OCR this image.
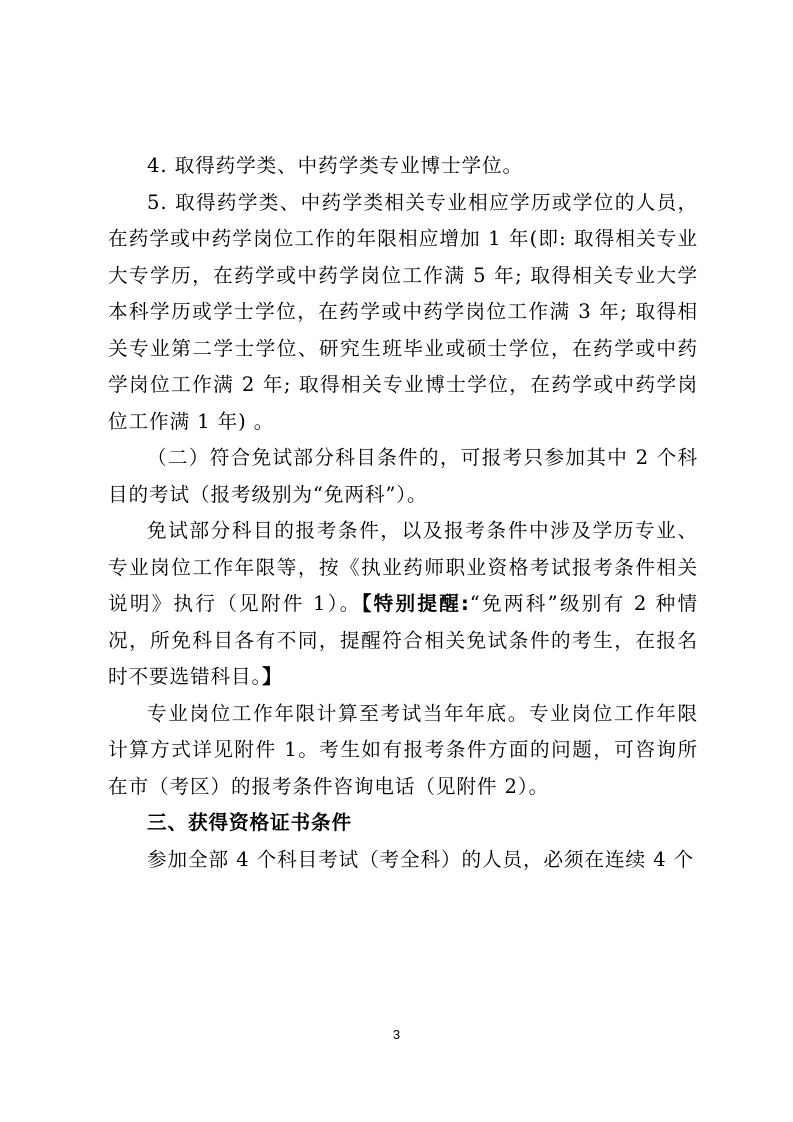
4. 取得药学类、中药学类专业博士学位。

5. 取得药学类、中药学类相关专业相应学历或学位的人员，在药学或中药学岗位工作的年限相应增加 1 年(即: 取得相关专业大专学历，在药学或中药学岗位工作满 5 年; 取得相关专业大学本科学历或学士学位，在药学或中药学岗位工作满 3 年; 取得相关专业第二学士学位、研究生班毕业或硕士学位，在药学或中药学岗位工作满 2 年; 取得相关专业博士学位，在药学或中药学岗位工作满 1 年) 。

（二）符合免试部分科目条件的，可报考只参加其中 2 个科目的考试（报考级别为“免两科”）。

免试部分科目的报考条件，以及报考条件中涉及学历专业、专业岗位工作年限等，按《执业药师职业资格考试报考条件相关说明》执行（见附件 1）。【特别提醒:“免两科”级别有 2 种情况，所免科目各有不同，提醒符合相关免试条件的考生，在报名时不要选错科目。】

专业岗位工作年限计算至考试当年年底。专业岗位工作年限计算方式详见附件 1。考生如有报考条件方面的问题，可咨询所在市（考区）的报考条件咨询电话（见附件 2）。

三、获得资格证书条件

参加全部 4 个科目考试（考全科）的人员，必须在连续 4 个

3
